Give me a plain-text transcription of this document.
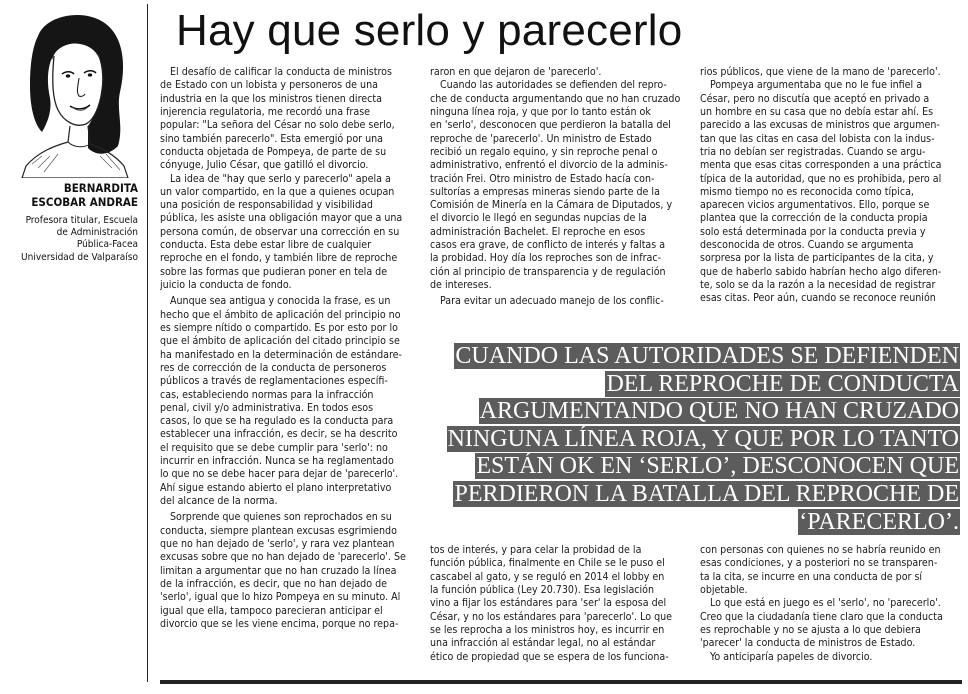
BERNARDITA
ESCOBAR ANDRAE
Profesora titular, Escuela
de Administración
Pública-Facea
Universidad de Valparaíso
Hay que serlo y parecerlo

El desafío de calificar la conducta de ministros
de Estado con un lobista y personeros de una
industria en la que los ministros tienen directa
injerencia regulatoria, me recordó una frase
popular: "La señora del César no solo debe serlo,
sino también parecerlo". Esta emergió por una
conducta objetada de Pompeya, de parte de su
cónyuge, Julio César, que gatilló el divorcio.

La idea de "hay que serlo y parecerlo" apela a
un valor compartido, en la que a quienes ocupan
una posición de responsabilidad y visibilidad
pública, les asiste una obligación mayor que a una
persona común, de observar una corrección en su
conducta. Esta debe estar libre de cualquier
reproche en el fondo, y también libre de reproche
sobre las formas que pudieran poner en tela de
juicio la conducta de fondo.

Aunque sea antigua y conocida la frase, es un
hecho que el ámbito de aplicación del principio no
es siempre nítido o compartido. Es por esto por lo
que el ámbito de aplicación del citado principio se
ha manifestado en la determinación de estándare-
res de corrección de la conducta de personeros
públicos a través de reglamentaciones específi-
cas, estableciendo normas para la infracción
penal, civil y/o administrativa. En todos esos
casos, lo que se ha regulado es la conducta para
establecer una infracción, es decir, se ha descrito
el requisito que se debe cumplir para 'serlo': no
incurrir en infracción. Nunca se ha reglamentado
lo que no se debe hacer para dejar de 'parecerlo'.
Ahí sigue estando abierto el plano interpretativo
del alcance de la norma.

Sorprende que quienes son reprochados en su
conducta, siempre plantean excusas esgrimiendo
que no han dejado de 'serlo', y rara vez plantean
excusas sobre que no han dejado de 'parecerlo'. Se
limitan a argumentar que no han cruzado la línea
de la infracción, es decir, que no han dejado de
'serlo', igual que lo hizo Pompeya en su minuto. Al
igual que ella, tampoco parecieran anticipar el
divorcio que se les viene encima, porque no repa-

raron en que dejaron de 'parecerlo'.

Cuando las autoridades se defienden del repro-
che de conducta argumentando que no han cruzado
ninguna línea roja, y que por lo tanto están ok
en 'serlo', desconocen que perdieron la batalla del
reproche de 'parecerlo'. Un ministro de Estado
recibió un regalo equino, y sin reproche penal o
administrativo, enfrentó el divorcio de la adminis-
tración Frei. Otro ministro de Estado hacía con-
sultorías a empresas mineras siendo parte de la
Comisión de Minería en la Cámara de Diputados, y
el divorcio le llegó en segundas nupcias de la
administración Bachelet. El reproche en esos
casos era grave, de conflicto de interés y faltas a
la probidad. Hoy día los reproches son de infrac-
ción al principio de transparencia y de regulación
de intereses.

Para evitar un adecuado manejo de los conflic-

rios públicos, que viene de la mano de 'parecerlo'.

Pompeya argumentaba que no le fue infiel a
César, pero no discutía que aceptó en privado a
un hombre en su casa que no debía estar ahí. Es
parecido a las excusas de ministros que argumen-
tan que las citas en casa del lobista con la indus-
tria no debían ser registradas. Cuando se argu-
menta que esas citas corresponden a una práctica
típica de la autoridad, que no es prohibida, pero al
mismo tiempo no es reconocida como típica,
aparecen vicios argumentativos. Ello, porque se
plantea que la corrección de la conducta propia
solo está determinada por la conducta previa y
desconocida de otros. Cuando se argumenta
sorpresa por la lista de participantes de la cita, y
que de haberlo sabido habrían hecho algo diferen-
te, solo se da la razón a la necesidad de registrar
esas citas. Peor aún, cuando se reconoce reunión

CUANDO LAS AUTORIDADES SE DEFIENDEN
DEL REPROCHE DE CONDUCTA
ARGUMENTANDO QUE NO HAN CRUZADO
NINGUNA LÍNEA ROJA, Y QUE POR LO TANTO
ESTÁN OK EN ‘SERLO’, DESCONOCEN QUE
PERDIERON LA BATALLA DEL REPROCHE DE
‘PARECERLO’.

tos de interés, y para celar la probidad de la
función pública, finalmente en Chile se le puso el
cascabel al gato, y se reguló en 2014 el lobby en
la función pública (Ley 20.730). Esa legislación
vino a fijar los estándares para 'ser' la esposa del
César, y no los estándares para 'parecerlo'. Lo que
se les reprocha a los ministros hoy, es incurrir en
una infracción al estándar legal, no al estándar
ético de propiedad que se espera de los funciona-

con personas con quienes no se habría reunido en
esas condiciones, y a posteriori no se transparen-
ta la cita, se incurre en una conducta de por sí
objetable.

Lo que está en juego es el 'serlo', no 'parecerlo'.
Creo que la ciudadanía tiene claro que la conducta
es reprochable y no se ajusta a lo que debiera
'parecer' la conducta de ministros de Estado.

Yo anticiparía papeles de divorcio.
